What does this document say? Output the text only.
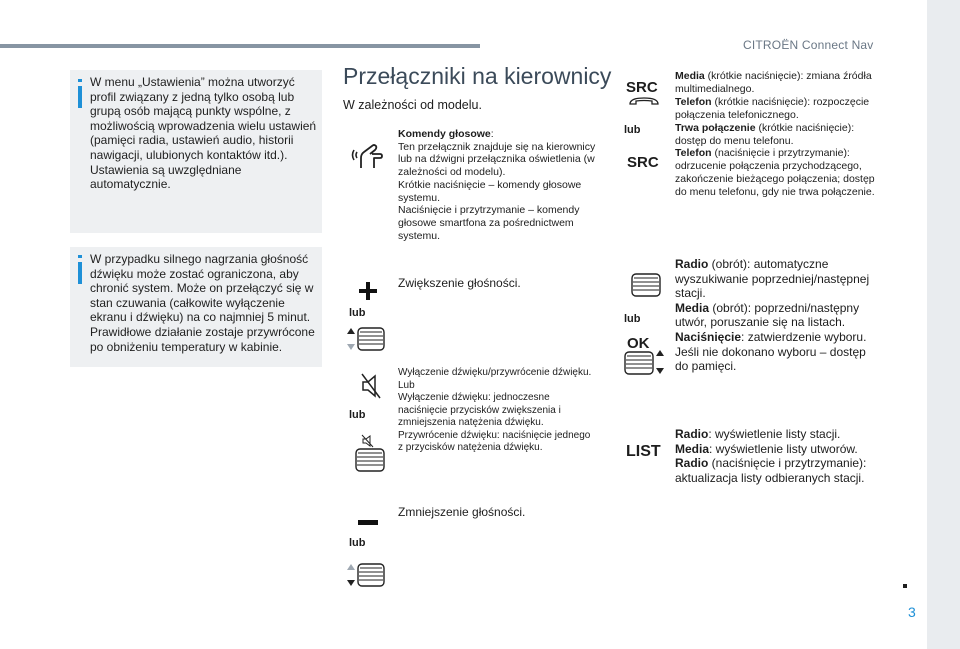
CITROËN Connect Nav
W menu „Ustawienia” można utworzyć profil związany z jedną tylko osobą lub grupą osób mającą punkty wspólne, z możliwością wprowadzenia wielu ustawień (pamięci radia, ustawień audio, historii nawigacji, ulubionych kontaktów itd.). Ustawienia są uwzględniane automatycznie.
W przypadku silnego nagrzania głośność dźwięku może zostać ograniczona, aby chronić system. Może on przełączyć się w stan czuwania (całkowite wyłączenie ekranu i dźwięku) na co najmniej 5 minut. Prawidłowe działanie zostaje przywrócone po obniżeniu temperatury w kabinie.
Przełączniki na kierownicy
W zależności od modelu.
Komendy głosowe:
Ten przełącznik znajduje się na kierownicy lub na dźwigni przełącznika oświetlenia (w zależności od modelu).
Krótkie naciśnięcie – komendy głosowe systemu.
Naciśnięcie i przytrzymanie – komendy głosowe smartfona za pośrednictwem systemu.
lub
Zwiększenie głośności.
lub
Wyłączenie dźwięku/przywrócenie dźwięku.
Lub
Wyłączenie dźwięku: jednoczesne naciśnięcie przycisków zwiększenia i zmniejszenia natężenia dźwięku.
Przywrócenie dźwięku: naciśnięcie jednego z przycisków natężenia dźwięku.
lub
Zmniejszenie głośności.
SRC
lub
SRC
Media (krótkie naciśnięcie): zmiana źródła multimedialnego.
Telefon (krótkie naciśnięcie): rozpoczęcie połączenia telefonicznego.
Trwa połączenie (krótkie naciśnięcie): dostęp do menu telefonu.
Telefon (naciśnięcie i przytrzymanie): odrzucenie połączenia przychodzącego, zakończenie bieżącego połączenia; dostęp do menu telefonu, gdy nie trwa połączenie.
lub
OK
Radio (obrót): automatyczne wyszukiwanie poprzedniej/następnej stacji.
Media (obrót): poprzedni/następny utwór, poruszanie się na listach.
Naciśnięcie: zatwierdzenie wyboru. Jeśli nie dokonano wyboru – dostęp do pamięci.
LIST
Radio: wyświetlenie listy stacji.
Media: wyświetlenie listy utworów.
Radio (naciśnięcie i przytrzymanie): aktualizacja listy odbieranych stacji.
3
